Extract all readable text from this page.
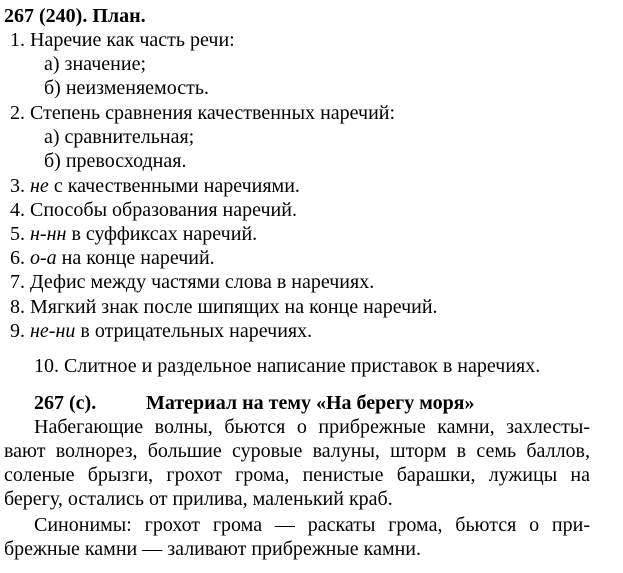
267 (240). План.
1. Наречие как часть речи:
а) значение;
б) неизменяемость.
2. Степень сравнения качественных наречий:
а) сравнительная;
б) превосходная.
3. не с качественными наречиями.
4. Способы образования наречий.
5. н-нн в суффиксах наречий.
6. о-а на конце наречий.
7. Дефис между частями слова в наречиях.
8. Мягкий знак после шипящих на конце наречий.
9. не-ни в отрицательных наречиях.
10. Слитное и раздельное написание приставок в наречиях.
267 (с). Материал на тему «На берегу моря»
Набегающие волны, бьются о прибрежные камни, захлесты-
вают волнорез, большие суровые валуны, шторм в семь баллов,
соленые брызги, грохот грома, пенистые барашки, лужицы на
берегу, остались от прилива, маленький краб.
Синонимы: грохот грома — раскаты грома, бьются о при-
брежные камни — заливают прибрежные камни.
